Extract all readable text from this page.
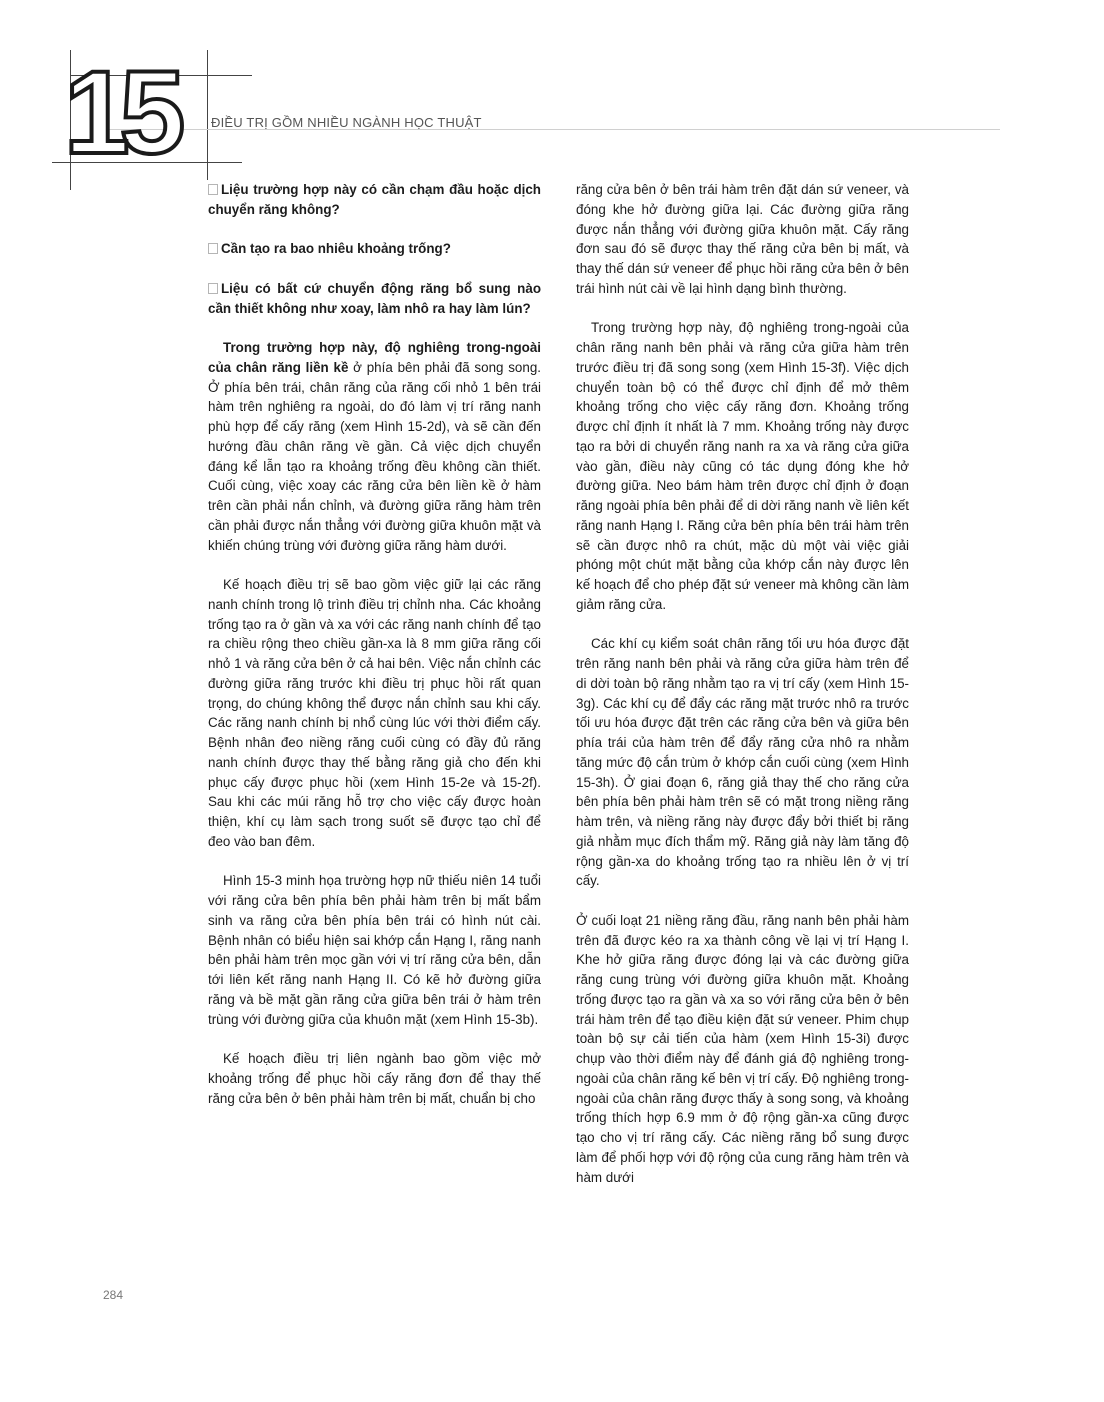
15	ĐIỀU TRỊ GỒM NHIỀU NGÀNH HỌC THUẬT

Liệu trường hợp này có cần chạm đầu hoặc dịch chuyển răng không?

Cần tạo ra bao nhiêu khoảng trống?

Liệu có bất cứ chuyển động răng bổ sung nào cần thiết không như xoay, làm nhô ra hay làm lún?

Trong trường hợp này, độ nghiêng trong-ngoài của chân răng liền kề ở phía bên phải đã song song. Ở phía bên trái, chân răng của răng cối nhỏ 1 bên trái hàm trên nghiêng ra ngoài, do đó làm vị trí răng nanh phù hợp để cấy răng (xem Hình 15-2d), và sẽ cần đến hướng đầu chân răng về gần. Cả việc dịch chuyển đáng kể lẫn tạo ra khoảng trống đều không cần thiết. Cuối cùng, việc xoay các răng cửa bên liền kề ở hàm trên cần phải nắn chỉnh, và đường giữa răng hàm trên cần phải được nắn thẳng với đường giữa khuôn mặt và khiến chúng trùng với đường giữa răng hàm dưới.

Kế hoạch điều trị sẽ bao gồm việc giữ lại các răng nanh chính trong lộ trình điều trị chỉnh nha. Các khoảng trống tạo ra ở gần và xa với các răng nanh chính để tạo ra chiều rộng theo chiều gần-xa là 8 mm giữa răng cối nhỏ 1 và răng cửa bên ở cả hai bên. Việc nắn chỉnh các đường giữa răng trước khi điều trị phục hồi rất quan trọng, do chúng không thể được nắn chỉnh sau khi cấy. Các răng nanh chính bị nhổ cùng lúc với thời điểm cấy. Bệnh nhân đeo niềng răng cuối cùng có đầy đủ răng nanh chính được thay thế bằng răng giả cho đến khi phục cấy được phục hồi (xem Hình 15-2e và 15-2f). Sau khi các múi răng hỗ trợ cho việc cấy được hoàn thiện, khí cụ làm sạch trong suốt sẽ được tạo chỉ để đeo vào ban đêm.

Hình 15-3 minh họa trường hợp nữ thiếu niên 14 tuổi với răng cửa bên phía bên phải hàm trên bị mất bẩm sinh va răng cửa bên phía bên trái có hình nút cài. Bệnh nhân có biểu hiện sai khớp cắn Hạng I, răng nanh bên phải hàm trên mọc gần với vị trí răng cửa bên, dẫn tới liên kết răng nanh Hạng II. Có kẽ hở đường giữa răng và bề mặt gần răng cửa giữa bên trái ở hàm trên trùng với đường giữa của khuôn mặt (xem Hình 15-3b).

Kế hoạch điều trị liên ngành bao gồm việc mở khoảng trống để phục hồi cấy răng đơn để thay thế răng cửa bên ở bên phải hàm trên bị mất, chuẩn bị cho

răng cửa bên ở bên trái hàm trên đặt dán sứ veneer, và đóng khe hở đường giữa lại. Các đường giữa răng được nắn thẳng với đường giữa khuôn mặt. Cấy răng đơn sau đó sẽ được thay thế răng cửa bên bị mất, và thay thế dán sứ veneer để phục hồi răng cửa bên ở bên trái hình nút cài về lại hình dạng bình thường.

Trong trường hợp này, độ nghiêng trong-ngoài của chân răng nanh bên phải và răng cửa giữa hàm trên trước điều trị đã song song (xem Hình 15-3f). Việc dịch chuyển toàn bộ có thể được chỉ định để mở thêm khoảng trống cho việc cấy răng đơn. Khoảng trống được chỉ định ít nhất là 7 mm. Khoảng trống này được tạo ra bởi di chuyển răng nanh ra xa và răng cửa giữa vào gần, điều này cũng có tác dụng đóng khe hở đường giữa. Neo bám hàm trên được chỉ định ở đoạn răng ngoài phía bên phải để di dời răng nanh về liên kết răng nanh Hạng I. Răng cửa bên phía bên trái hàm trên sẽ cần được nhô ra chút, mặc dù một vài việc giải phóng một chút mặt bằng của khớp cắn này được lên kế hoạch để cho phép đặt sứ veneer mà không cần làm giảm răng cửa.

Các khí cụ kiểm soát chân răng tối ưu hóa được đặt trên răng nanh bên phải và răng cửa giữa hàm trên để di dời toàn bộ răng nhằm tạo ra vị trí cấy (xem Hình 15-3g). Các khí cụ để đẩy các răng mặt trước nhô ra trước tối ưu hóa được đặt trên các răng cửa bên và giữa bên phía trái của hàm trên để đẩy răng cửa nhô ra nhằm tăng mức độ cắn trùm ở khớp cắn cuối cùng (xem Hình 15-3h). Ở giai đoạn 6, răng giả thay thế cho răng cửa bên phía bên phải hàm trên sẽ có mặt trong niềng răng hàm trên, và niềng răng này được đẩy bởi thiết bị răng giả nhằm mục đích thẩm mỹ. Răng giả này làm tăng độ rộng gần-xa do khoảng trống tạo ra nhiều lên ở vị trí cấy.

Ở cuối loạt 21 niềng răng đầu, răng nanh bên phải hàm trên đã được kéo ra xa thành công về lại vị trí Hạng I. Khe hở giữa răng được đóng lại và các đường giữa răng cung trùng với đường giữa khuôn mặt. Khoảng trống được tạo ra gần và xa so với răng cửa bên ở bên trái hàm trên để tạo điều kiện đặt sứ veneer. Phim chụp toàn bộ sự cải tiến của hàm (xem Hình 15-3i) được chụp vào thời điểm này để đánh giá độ nghiêng trong-ngoài của chân răng kế bên vị trí cấy. Độ nghiêng trong-ngoài của chân răng được thấy à song song, và khoảng trống thích hợp 6.9 mm ở độ rộng gần-xa cũng được tạo cho vị trí răng cấy. Các niềng răng bổ sung được làm để phối hợp với độ rộng của cung răng hàm trên và hàm dưới

284
